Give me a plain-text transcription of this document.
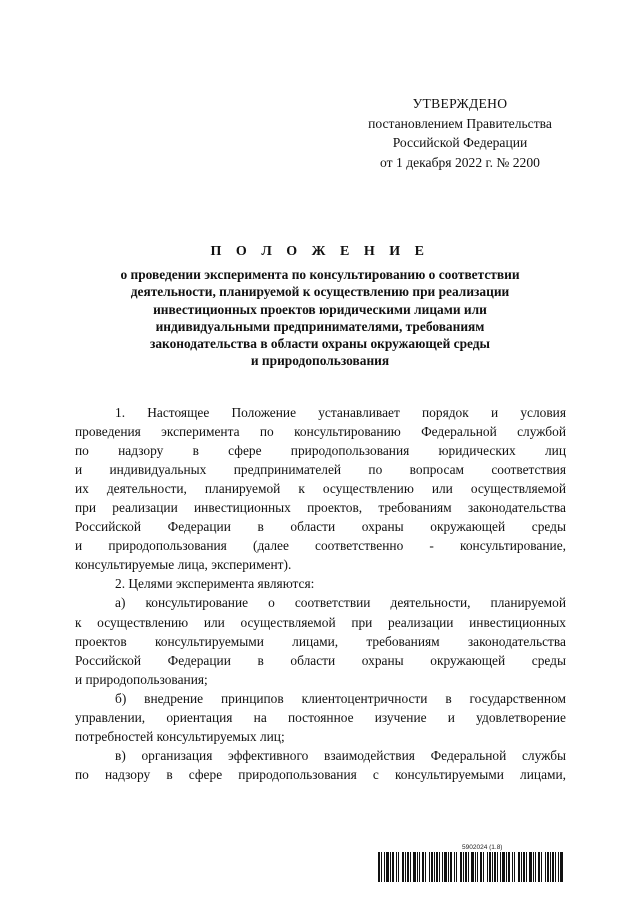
УТВЕРЖДЕНО
постановлением Правительства
Российской Федерации
от 1 декабря 2022 г. № 2200
П О Л О Ж Е Н И Е
о проведении эксперимента по консультированию о соответствии
деятельности, планируемой к осуществлению при реализации
инвестиционных проектов юридическими лицами или
индивидуальными предпринимателями, требованиям
законодательства в области охраны окружающей среды
и природопользования
1. Настоящее Положение устанавливает порядок и условия
проведения эксперимента по консультированию Федеральной службой
по надзору в сфере природопользования юридических лиц
и индивидуальных предпринимателей по вопросам соответствия
их деятельности, планируемой к осуществлению или осуществляемой
при реализации инвестиционных проектов, требованиям законодательства
Российской Федерации в области охраны окружающей среды
и природопользования (далее соответственно - консультирование,
консультируемые лица, эксперимент).
2. Целями эксперимента являются:
а) консультирование о соответствии деятельности, планируемой
к осуществлению или осуществляемой при реализации инвестиционных
проектов консультируемыми лицами, требованиям законодательства
Российской Федерации в области охраны окружающей среды
и природопользования;
б) внедрение принципов клиентоцентричности в государственном
управлении, ориентация на постоянное изучение и удовлетворение
потребностей консультируемых лиц;
в) организация эффективного взаимодействия Федеральной службы
по надзору в сфере природопользования с консультируемыми лицами,
5902024 (1.8)
